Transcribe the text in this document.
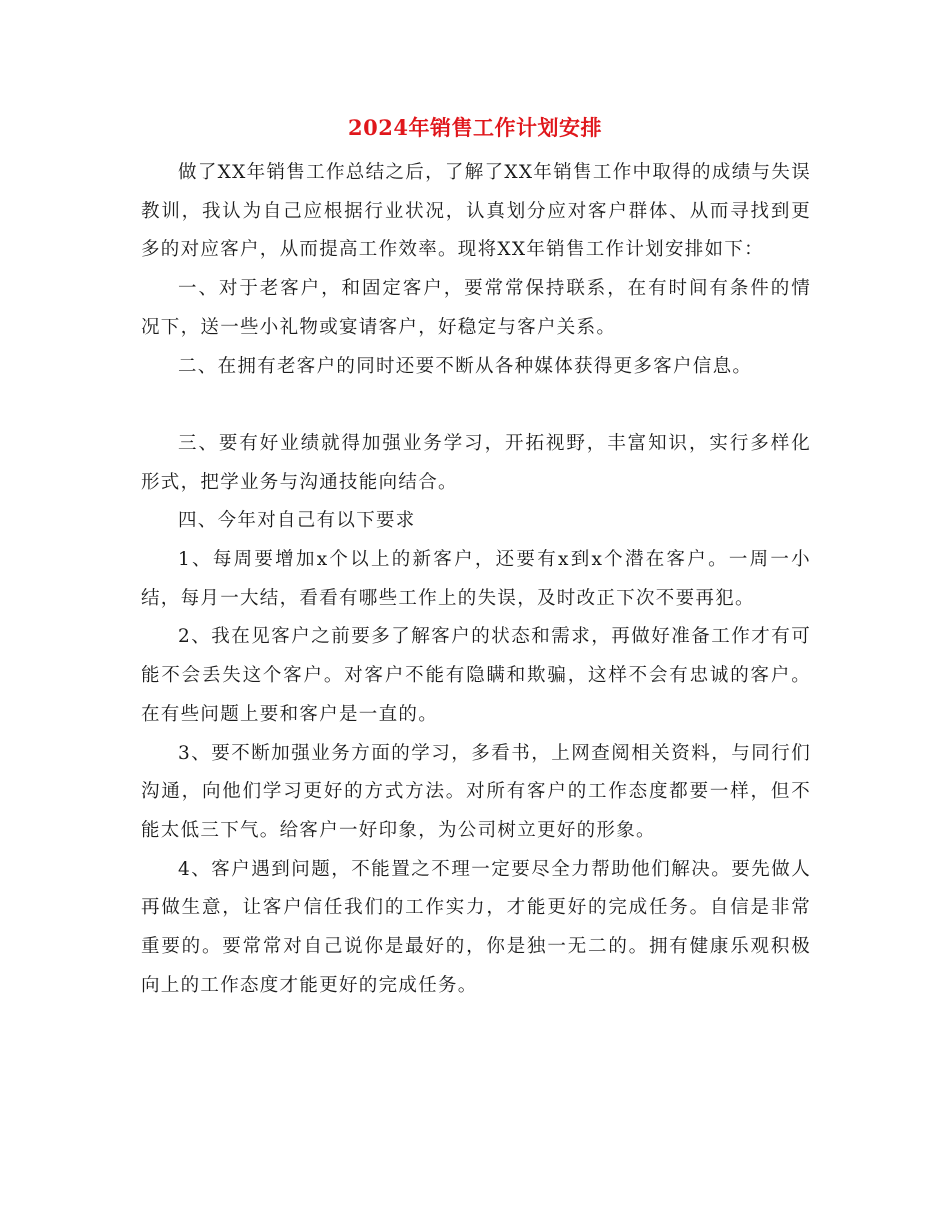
2024年销售工作计划安排

做了XX年销售工作总结之后，了解了XX年销售工作中取得的成绩与失误教训，我认为自己应根据行业状况，认真划分应对客户群体、从而寻找到更多的对应客户，从而提高工作效率。现将XX年销售工作计划安排如下：

一、对于老客户，和固定客户，要常常保持联系，在有时间有条件的情况下，送一些小礼物或宴请客户，好稳定与客户关系。

二、在拥有老客户的同时还要不断从各种媒体获得更多客户信息。

三、要有好业绩就得加强业务学习，开拓视野，丰富知识，实行多样化形式，把学业务与沟通技能向结合。

四、今年对自己有以下要求

1、每周要增加x个以上的新客户，还要有x到x个潜在客户。一周一小结，每月一大结，看看有哪些工作上的失误，及时改正下次不要再犯。

2、我在见客户之前要多了解客户的状态和需求，再做好准备工作才有可能不会丢失这个客户。对客户不能有隐瞒和欺骗，这样不会有忠诚的客户。在有些问题上要和客户是一直的。

3、要不断加强业务方面的学习，多看书，上网查阅相关资料，与同行们沟通，向他们学习更好的方式方法。对所有客户的工作态度都要一样，但不能太低三下气。给客户一好印象，为公司树立更好的形象。

4、客户遇到问题，不能置之不理一定要尽全力帮助他们解决。要先做人再做生意，让客户信任我们的工作实力，才能更好的完成任务。自信是非常重要的。要常常对自己说你是最好的，你是独一无二的。拥有健康乐观积极向上的工作态度才能更好的完成任务。
